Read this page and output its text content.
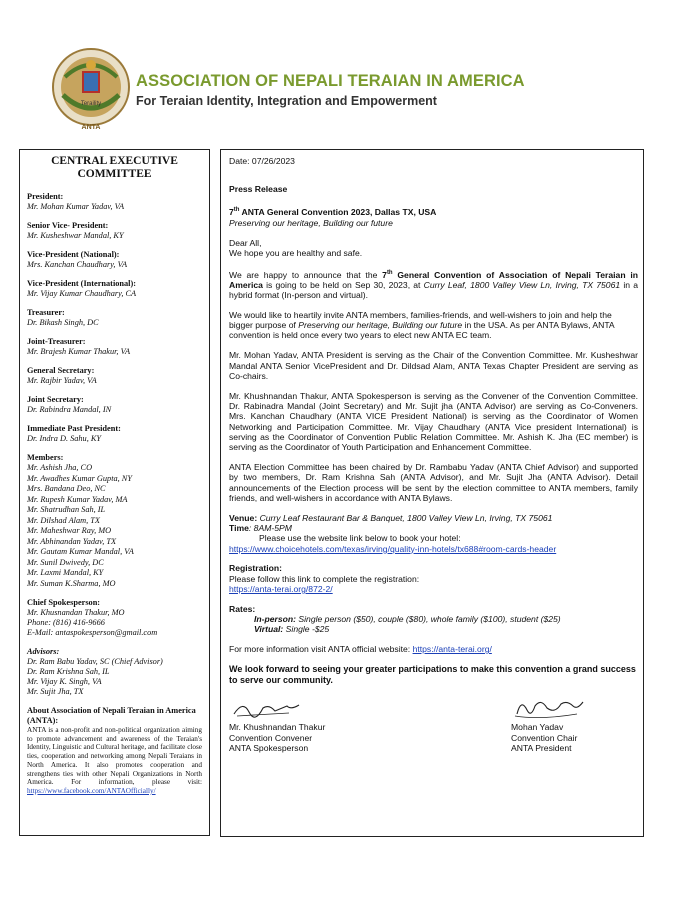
Teraility
ANTA
ASSOCIATION OF NEPALI TERAIAN IN AMERICA
For Teraian Identity, Integration and Empowerment
CENTRAL EXECUTIVE COMMITTEE
President:
Mr. Mohan Kumar Yadav, VA
Senior Vice- President:
Mr. Kusheshwar Mandal, KY
Vice-President (National):
Mrs. Kanchan Chaudhary, VA
Vice-President (International):
Mr. Vijay Kumar Chaudhary, CA
Treasurer:
Dr. Bikash Singh, DC
Joint-Treasurer:
Mr. Brajesh Kumar Thakur, VA
General Secretary:
Mr. Rajbir Yadav, VA
Joint Secretary:
Dr. Rabindra Mandal, IN
Immediate Past President:
Dr. Indra D. Sahu, KY
Members:
Mr. Ashish Jha, CO
Mr. Awadhes Kumar Gupta, NY
Mrs. Bandana Deo, NC
Mr. Rupesh Kumar Yadav, MA
Mr. Shatrudhan Sah, IL
Mr. Dilshad Alam, TX
Mr. Maheshwar Ray, MO
Mr. Abhinandan Yadav, TX
Mr. Gautam Kumar Mandal, VA
Mr. Sunil Dwivedy, DC
Mr. Laxmi Mandal, KY
Mr. Suman K.Sharma, MO
Chief Spokesperson:
Mr. Khusnandan Thakur, MO
Phone: (816) 416-9666
E-Mail: antaspokesperson@gmail.com
Advisors:
Dr. Ram Babu Yadav, SC (Chief Advisor)
Dr. Ram Krishna Sah, IL
Mr. Vijay K. Singh, VA
Mr. Sujit Jha, TX
About Association of Nepali Teraian in America (ANTA):
ANTA is a non-profit and non-political organization aiming to promote advancement and awareness of the Teraian's Identity, Linguistic and Cultural heritage, and facilitate close ties, cooperation and networking among Nepali Teraians in North America. It also promotes cooperation and strengthens ties with other Nepali Organizations in North America. For information, please visit: https://www.facebook.com/ANTAOfficially/

Date: 07/26/2023

Press Release

7th ANTA General Convention 2023, Dallas TX, USA
Preserving our heritage, Building our future

Dear All,
We hope you are healthy and safe.

We are happy to announce that the 7th General Convention of Association of Nepali Teraian in America is going to be held on Sep 30, 2023, at Curry Leaf, 1800 Valley View Ln, Irving, TX 75061 in a hybrid format (In-person and virtual).

We would like to heartily invite ANTA members, families-friends, and well-wishers to join and help the bigger purpose of Preserving our heritage, Building our future in the USA. As per ANTA Bylaws, ANTA convention is held once every two years to elect new ANTA EC team.

Mr. Mohan Yadav, ANTA President is serving as the Chair of the Convention Committee. Mr. Kusheshwar Mandal ANTA Senior VicePresident and Dr. Dildsad Alam, ANTA Texas Chapter President are serving as Co-chairs.

Mr. Khushnandan Thakur, ANTA Spokesperson is serving as the Convener of the Convention Committee. Dr. Rabinadra Mandal (Joint Secretary) and Mr. Sujit jha (ANTA Advisor) are serving as Co-Conveners. Mrs. Kanchan Chaudhary (ANTA VICE President National) is serving as the Coordinator of Women Networking and Participation Committee. Mr. Vijay Chaudhary (ANTA Vice president International) is serving as the Coordinator of Convention Public Relation Committee. Mr. Ashish K. Jha (EC member) is serving as the Coordinator of Youth Participation and Enhancement Committee.

ANTA Election Committee has been chaired by Dr. Rambabu Yadav (ANTA Chief Advisor) and supported by two members, Dr. Ram Krishna Sah (ANTA Advisor), and Mr. Sujit Jha (ANTA Advisor). Detail announcements of the Election process will be sent by the election committee to ANTA members, family friends, and well-wishers in accordance with ANTA Bylaws.

Venue: Curry Leaf Restaurant Bar & Banquet, 1800 Valley View Ln, Irving, TX 75061
Time: 8AM-5PM
Please use the website link below to book your hotel:
https://www.choicehotels.com/texas/irving/quality-inn-hotels/tx688#room-cards-header

Registration:
Please follow this link to complete the registration:
https://anta-terai.org/872-2/

Rates:
In-person: Single person ($50), couple ($80), whole family ($100), student ($25)
Virtual: Single -$25

For more information visit ANTA official website: https://anta-terai.org/

We look forward to seeing your greater participations to make this convention a grand success to serve our community.

Mr. Khushnandan Thakur
Convention Convener
ANTA Spokesperson
Mohan Yadav
Convention Chair
ANTA President
